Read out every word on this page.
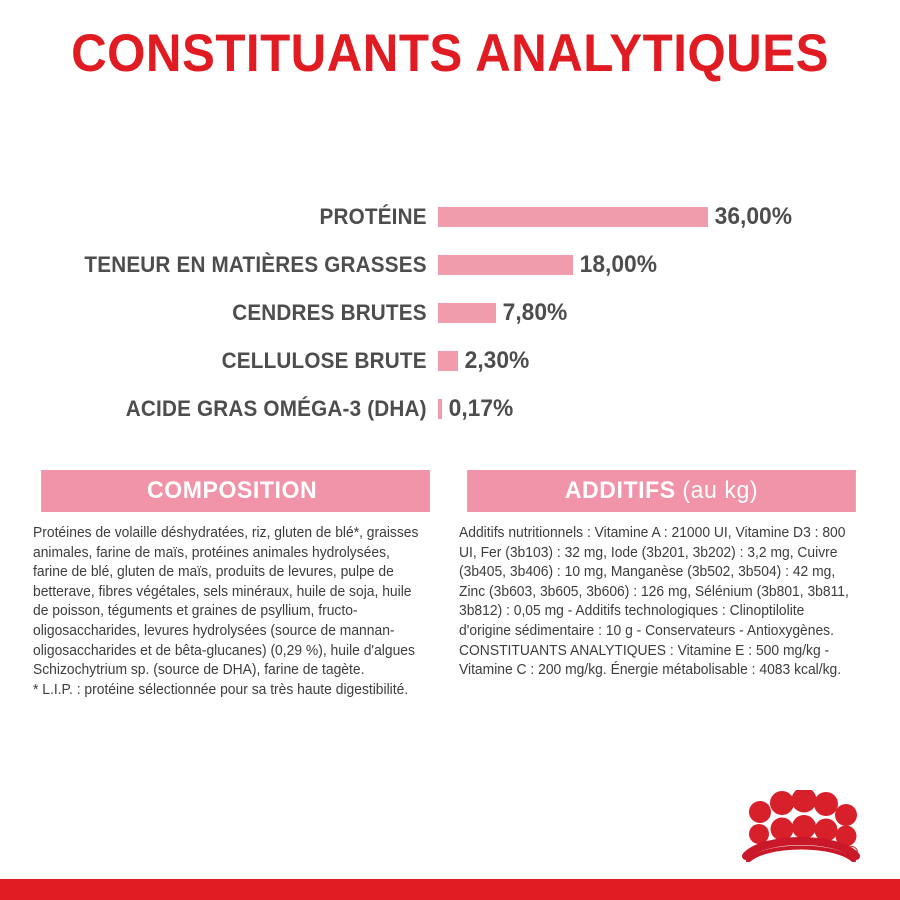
CONSTITUANTS ANALYTIQUES
PROTÉINE	36,00%
TENEUR EN MATIÈRES GRASSES	18,00%
CENDRES BRUTES	7,80%
CELLULOSE BRUTE	2,30%
ACIDE GRAS OMÉGA-3 (DHA) 0,17%
COMPOSITION

Protéines de volaille déshydratées, riz, gluten de blé*, graisses animales, farine de maïs, protéines animales hydrolysées, farine de blé, gluten de maïs, produits de levures, pulpe de betterave, fibres végétales, sels minéraux, huile de soja, huile de poisson, téguments et graines de psyllium, fructo-oligosaccharides, levures hydrolysées (source de mannan-oligosaccharides et de bêta-glucanes) (0,29 %), huile d'algues Schizochytrium sp. (source de DHA), farine de tagète.

* L.I.P. : protéine sélectionnée pour sa très haute digestibilité.

ADDITIFS (au kg)

Additifs nutritionnels : Vitamine A : 21000 UI, Vitamine D3 : 800 UI, Fer (3b103) : 32 mg, Iode (3b201, 3b202) : 3,2 mg, Cuivre (3b405, 3b406) : 10 mg, Manganèse (3b502, 3b504) : 42 mg, Zinc (3b603, 3b605, 3b606) : 126 mg, Sélénium (3b801, 3b811, 3b812) : 0,05 mg - Additifs technologiques : Clinoptilolite d'origine sédimentaire : 10 g - Conservateurs - Antioxygènes. CONSTITUANTS ANALYTIQUES : Vitamine E : 500 mg/kg - Vitamine C : 200 mg/kg. Énergie métabolisable : 4083 kcal/kg.

®
